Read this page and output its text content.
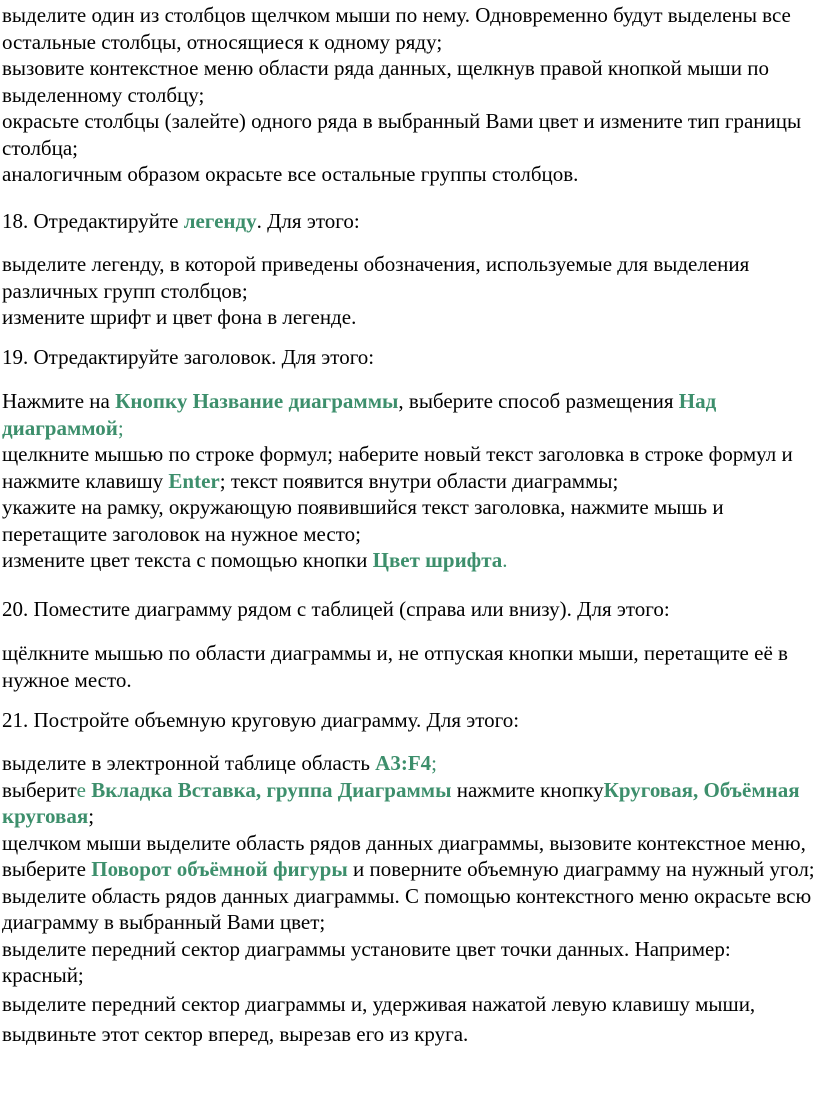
выделите один из столбцов щелчком мыши по нему. Одновременно будут выделены все остальные столбцы, относящиеся к одному ряду;
вызовите контекстное меню области ряда данных, щелкнув правой кнопкой мыши по выделенному столбцу;
окрасьте столбцы (залейте) одного ряда в выбранный Вами цвет и измените тип границы столбца;
аналогичным образом окрасьте все остальные группы столбцов.

18. Отредактируйте легенду. Для этого:

выделите легенду, в которой приведены обозначения, используемые для выделения различных групп столбцов;
измените шрифт и цвет фона в легенде.

19. Отредактируйте заголовок. Для этого:

Нажмите на Кнопку Название диаграммы, выберите способ размещения Над диаграммой;
щелкните мышью по строке формул; наберите новый текст заголовка в строке формул и нажмите клавишу Enter; текст появится внутри области диаграммы;
укажите на рамку, окружающую появившийся текст заголовка, нажмите мышь и перетащите заголовок на нужное место;
измените цвет текста с помощью кнопки Цвет шрифта.

20. Поместите диаграмму рядом с таблицей (справа или внизу). Для этого:

щёлкните мышью по области диаграммы и, не отпуская кнопки мыши, перетащите её в нужное место.

21. Постройте объемную круговую диаграмму. Для этого:

выделите в электронной таблице область А3:F4;
выберите Вкладка Вставка, группа Диаграммы нажмите кнопкуКруговая, Объёмная круговая;
щелчком мыши выделите область рядов данных диаграммы, вызовите контекстное меню, выберите Поворот объёмной фигуры и поверните объемную диаграмму на нужный угол;
выделите область рядов данных диаграммы. С помощью контекстного меню окрасьте всю диаграмму в выбранный Вами цвет;
выделите передний сектор диаграммы установите цвет точки данных. Например: красный;
выделите передний сектор диаграммы и, удерживая нажатой левую клавишу мыши, выдвиньте этот сектор вперед, вырезав его из круга.
